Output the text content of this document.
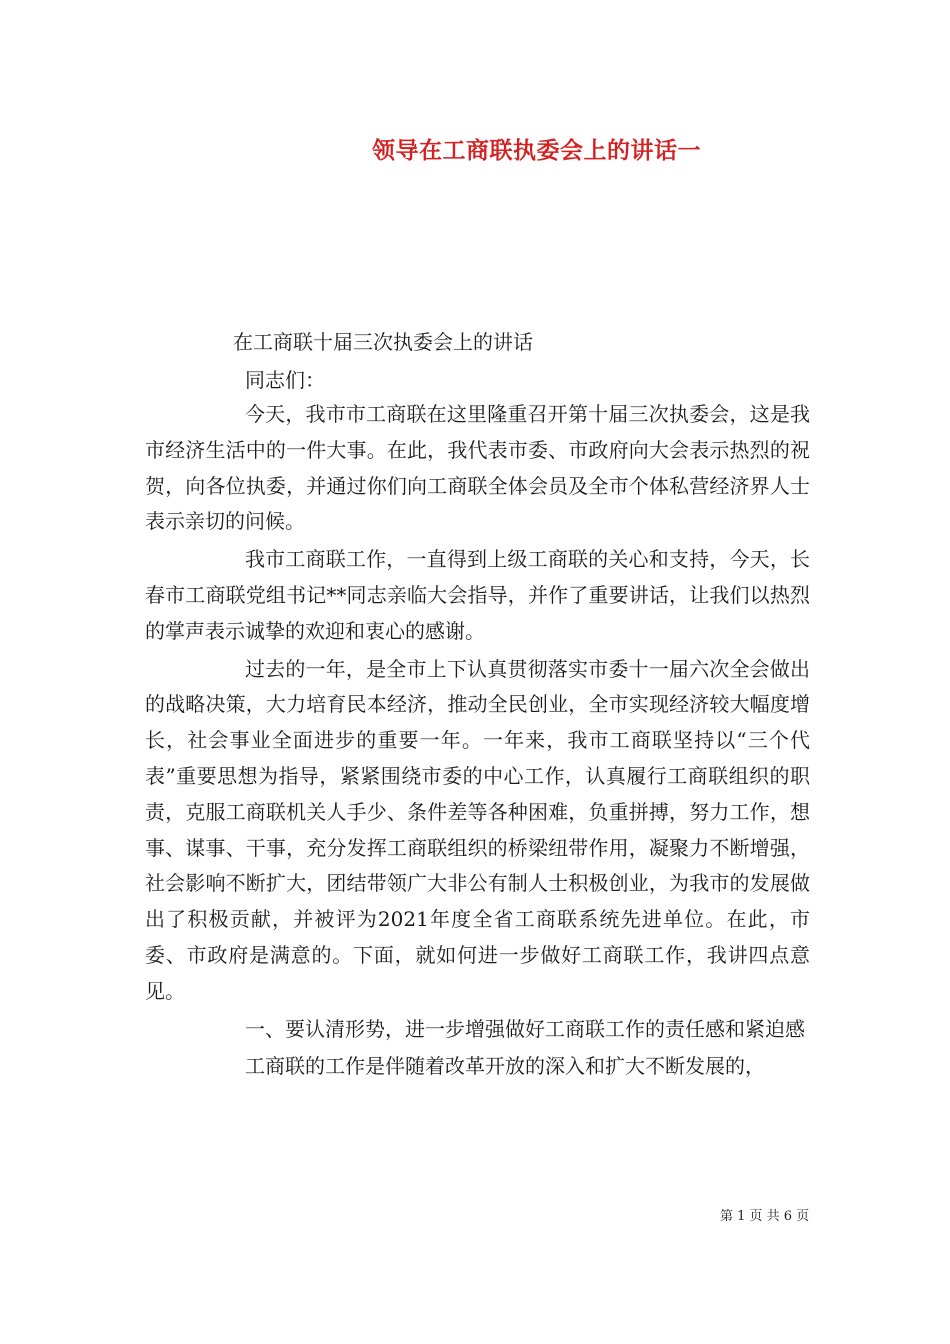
领导在工商联执委会上的讲话一
在工商联十届三次执委会上的讲话
同志们：

今天，我市市工商联在这里隆重召开第十届三次执委会，这是我市经济生活中的一件大事。在此，我代表市委、市政府向大会表示热烈的祝贺，向各位执委，并通过你们向工商联全体会员及全市个体私营经济界人士表示亲切的问候。

我市工商联工作，一直得到上级工商联的关心和支持，今天，长春市工商联党组书记**同志亲临大会指导，并作了重要讲话，让我们以热烈的掌声表示诚挚的欢迎和衷心的感谢。

过去的一年，是全市上下认真贯彻落实市委十一届六次全会做出的战略决策，大力培育民本经济，推动全民创业，全市实现经济较大幅度增长，社会事业全面进步的重要一年。一年来，我市工商联坚持以“三个代表”重要思想为指导，紧紧围绕市委的中心工作，认真履行工商联组织的职责，克服工商联机关人手少、条件差等各种困难，负重拼搏，努力工作，想事、谋事、干事，充分发挥工商联组织的桥梁纽带作用，凝聚力不断增强，社会影响不断扩大，团结带领广大非公有制人士积极创业，为我市的发展做出了积极贡献，并被评为2021年度全省工商联系统先进单位。在此，市委、市政府是满意的。下面，就如何进一步做好工商联工作，我讲四点意见。

一、要认清形势，进一步增强做好工商联工作的责任感和紧迫感

工商联的工作是伴随着改革开放的深入和扩大不断发展的，

第 1 页 共 6 页
